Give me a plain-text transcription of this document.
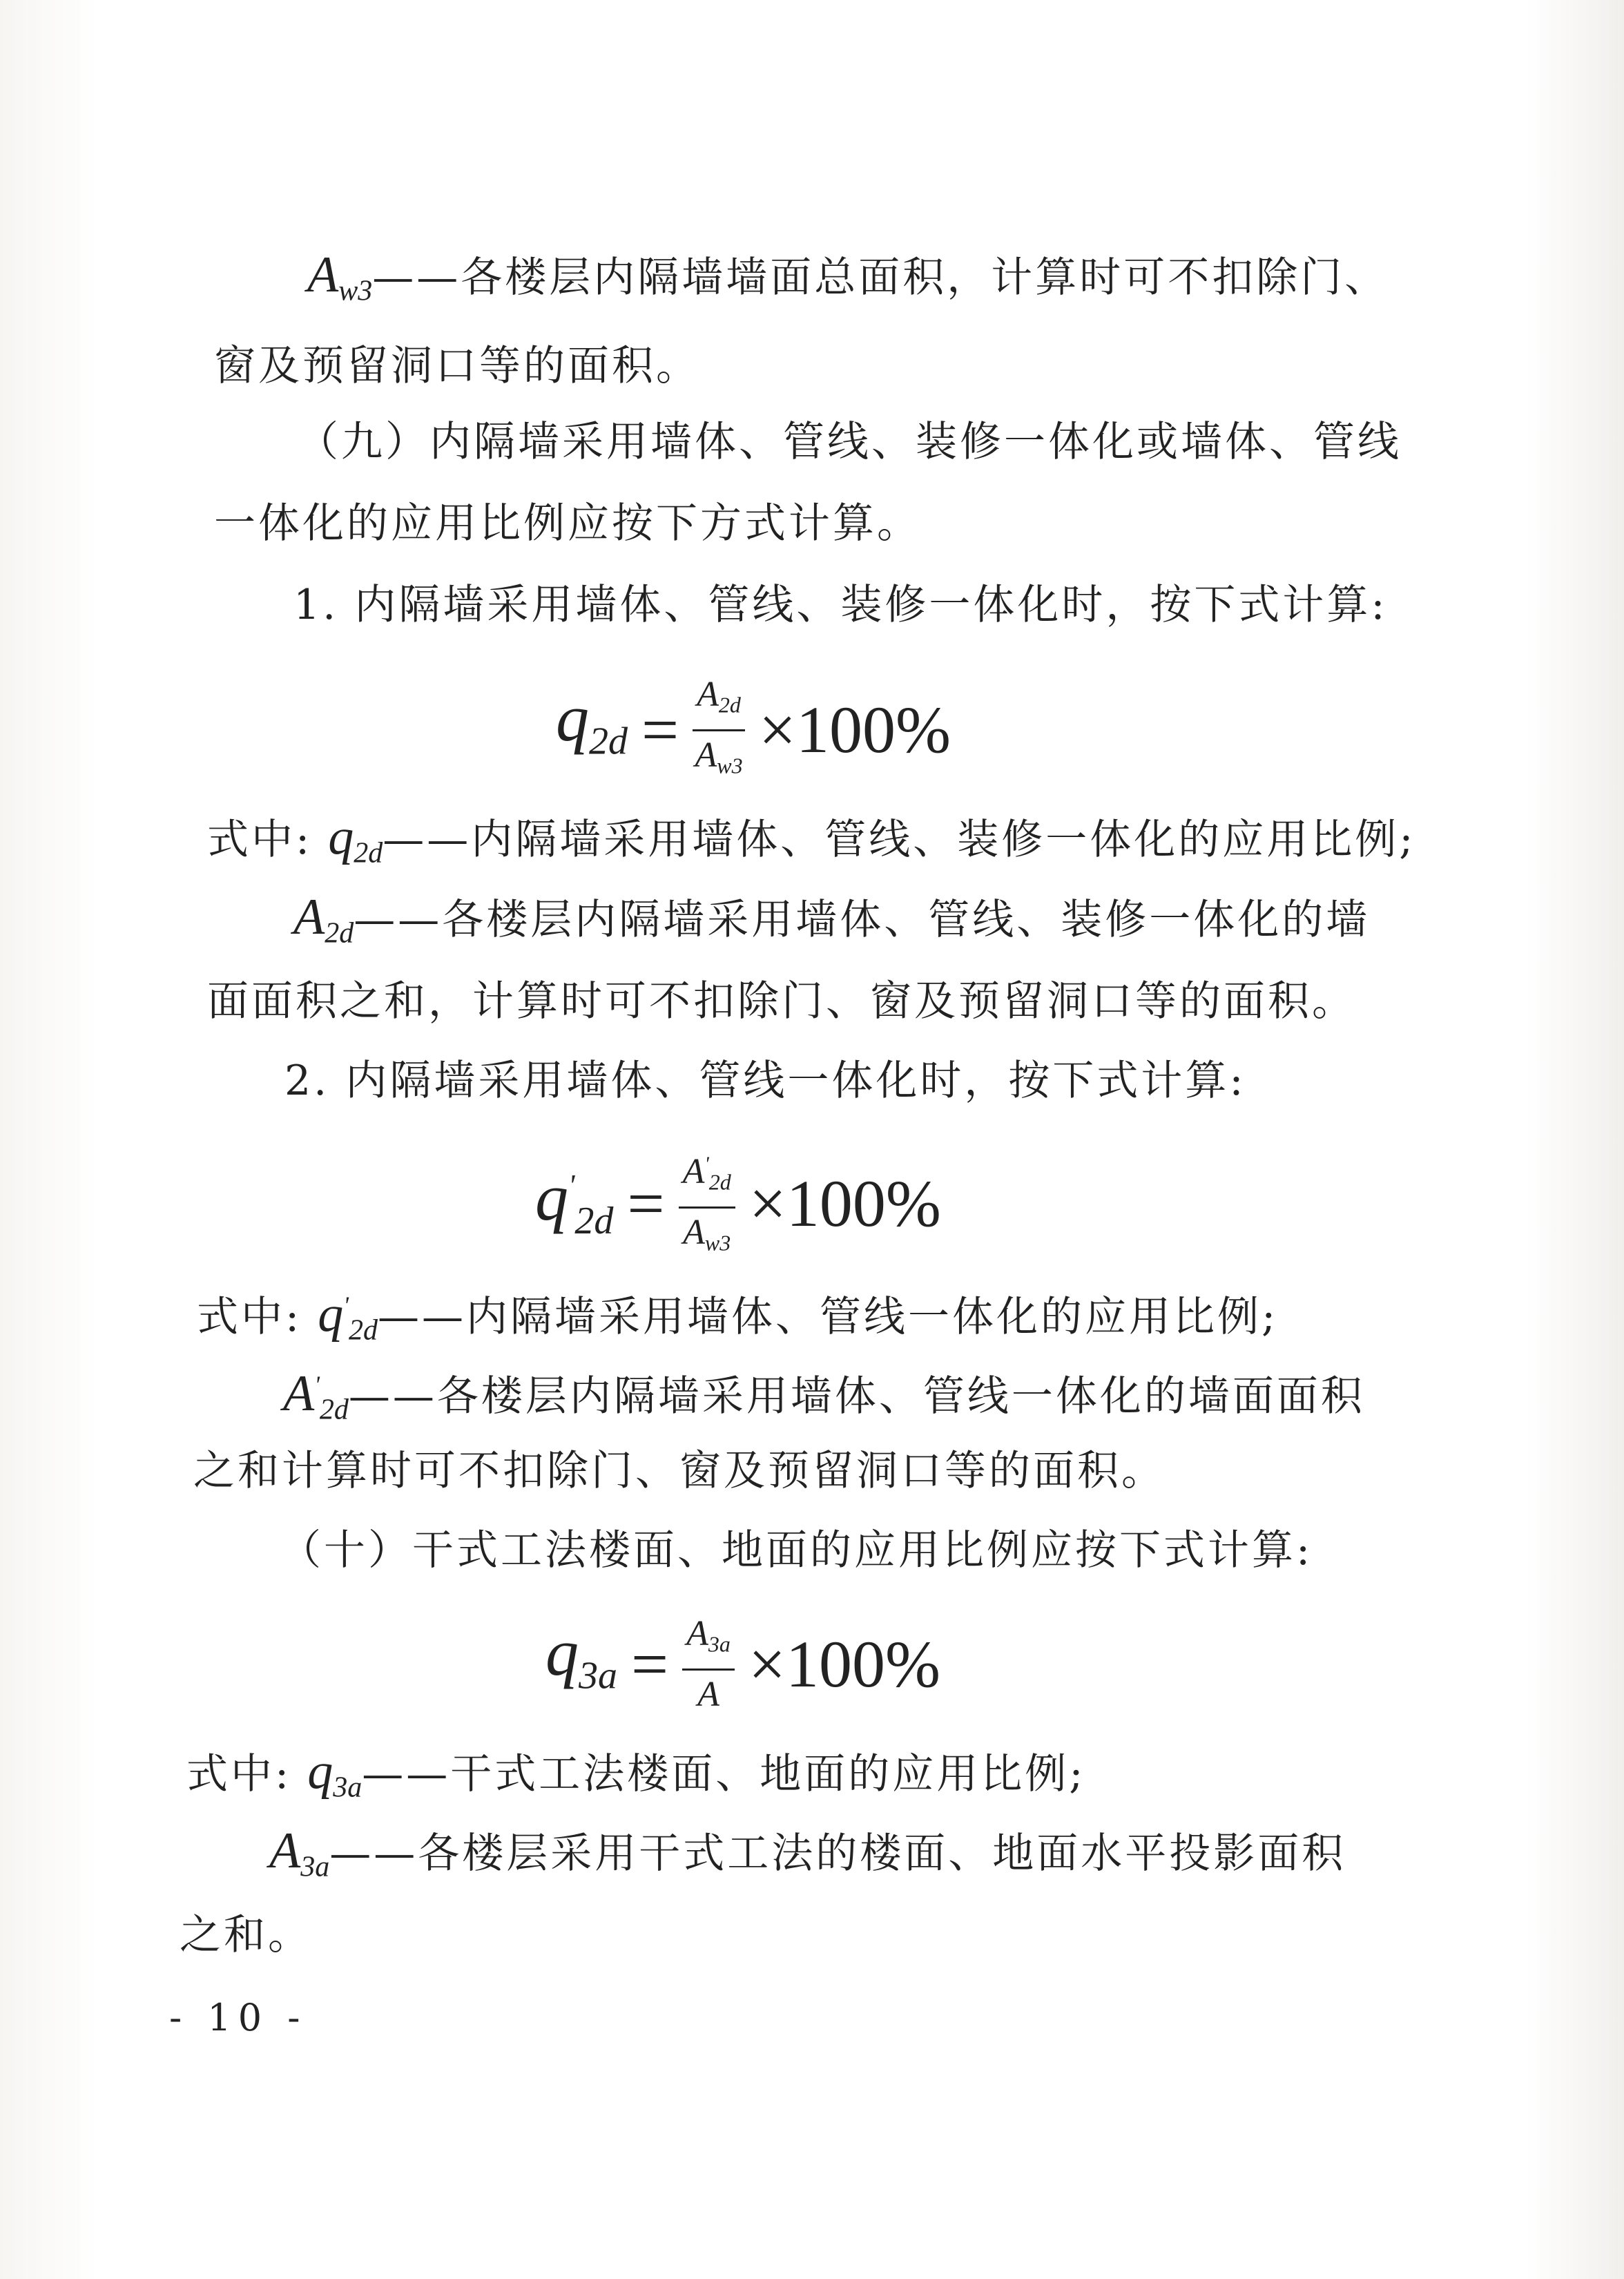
$A_{w3}——$各楼层内隔墙墙面总面积，计算时可不扣除门、
窗及预留洞口等的面积。
（九）内隔墙采用墙体、管线、装修一体化或墙体、管线
一体化的应用比例应按下方式计算。
1. 内隔墙采用墙体、管线、装修一体化时，按下式计算:
$q_{2d} = \frac{A_{2d}}{A_{w3}} \times 100\%$
式中: $q_{2d}——$内隔墙采用墙体、管线、装修一体化的应用比例;
$A_{2d}——$各楼层内隔墙采用墙体、管线、装修一体化的墙
面面积之和，计算时可不扣除门、窗及预留洞口等的面积。
2. 内隔墙采用墙体、管线一体化时，按下式计算:
$q'_{2d} = \frac{A'_{2d}}{A_{w3}} \times 100\%$
式中: $q'_{2d}——$内隔墙采用墙体、管线一体化的应用比例;
$A'_{2d}——$各楼层内隔墙采用墙体、管线一体化的墙面面积
之和计算时可不扣除门、窗及预留洞口等的面积。
（十）干式工法楼面、地面的应用比例应按下式计算:
$q_{3a} = \frac{A_{3a}}{A} \times 100\%$
式中: $q_{3a}——$干式工法楼面、地面的应用比例;
$A_{3a}——$各楼层采用干式工法的楼面、地面水平投影面积
之和。
- 10 -
